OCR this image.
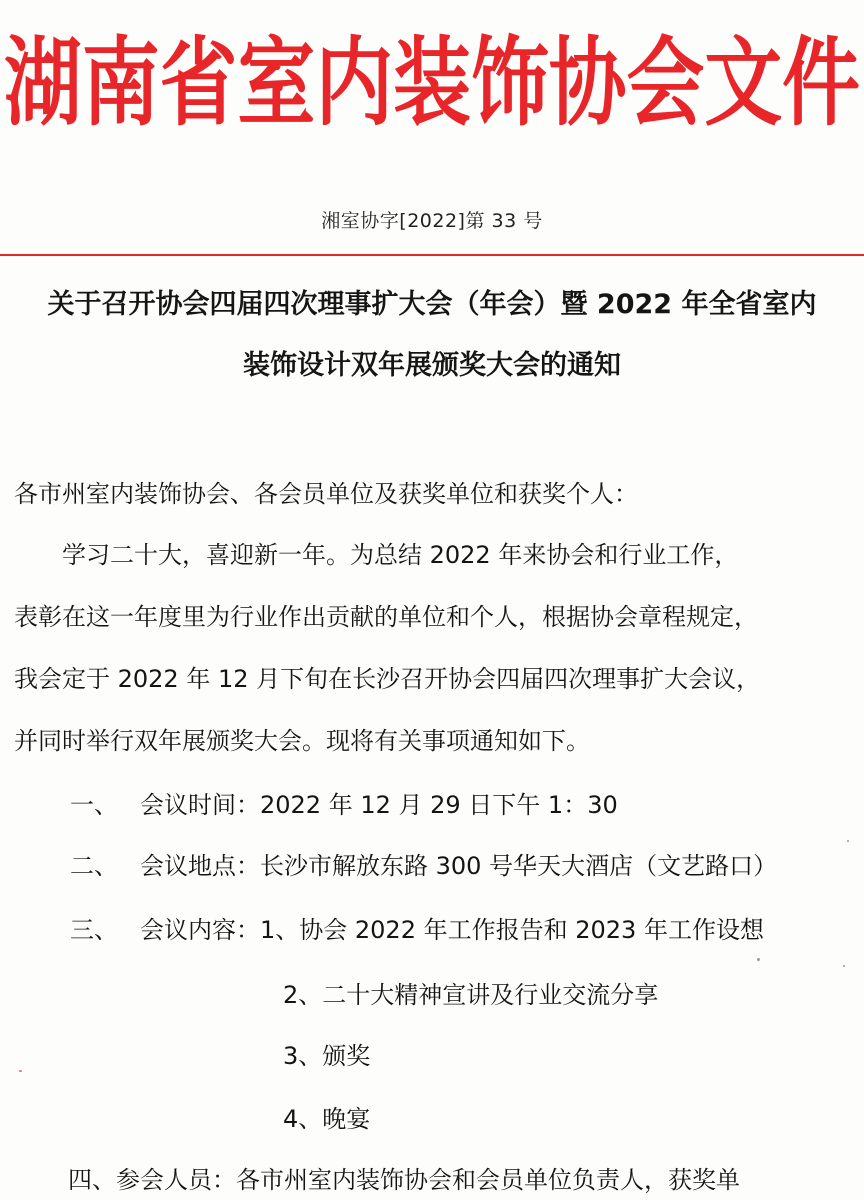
湖南省室内装饰协会文件
湘室协字[2022]第 33 号
关于召开协会四届四次理事扩大会（年会）暨 2022 年全省室内
装饰设计双年展颁奖大会的通知
各市州室内装饰协会、各会员单位及获奖单位和获奖个人：
学习二十大，喜迎新一年。为总结 2022 年来协会和行业工作，
表彰在这一年度里为行业作出贡献的单位和个人，根据协会章程规定，
我会定于 2022 年 12 月下旬在长沙召开协会四届四次理事扩大会议，
并同时举行双年展颁奖大会。现将有关事项通知如下。
一、 会议时间：2022 年 12 月 29 日下午 1：30
二、 会议地点：长沙市解放东路 300 号华天大酒店（文艺路口）
三、 会议内容：1、协会 2022 年工作报告和 2023 年工作设想
2、二十大精神宣讲及行业交流分享
3、颁奖
4、晚宴
四、参会人员：各市州室内装饰协会和会员单位负责人，获奖单
